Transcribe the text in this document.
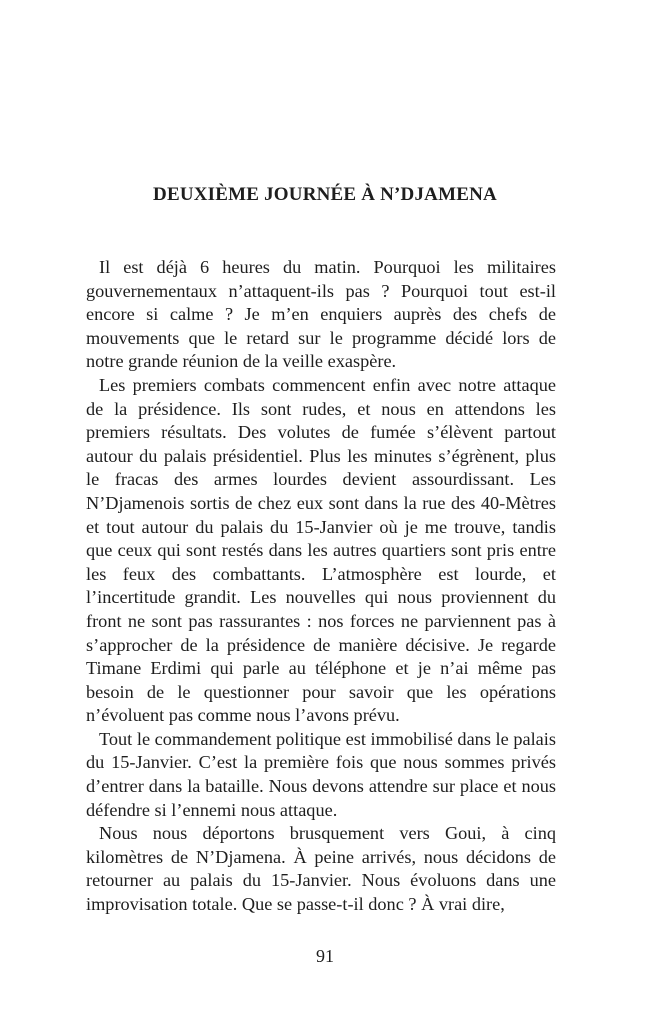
DEUXIÈME JOURNÉE À N’DJAMENA

Il est déjà 6 heures du matin. Pourquoi les militaires gouvernementaux n’attaquent-ils pas ? Pourquoi tout est-il encore si calme ? Je m’en enquiers auprès des chefs de mouvements que le retard sur le programme décidé lors de notre grande réunion de la veille exaspère.

Les premiers combats commencent enfin avec notre attaque de la présidence. Ils sont rudes, et nous en attendons les premiers résultats. Des volutes de fumée s’élèvent partout autour du palais présidentiel. Plus les minutes s’égrènent, plus le fracas des armes lourdes devient assourdissant. Les N’Djamenois sortis de chez eux sont dans la rue des 40-Mètres et tout autour du palais du 15-Janvier où je me trouve, tandis que ceux qui sont restés dans les autres quartiers sont pris entre les feux des combattants. L’atmosphère est lourde, et l’incertitude grandit. Les nouvelles qui nous proviennent du front ne sont pas rassurantes : nos forces ne parviennent pas à s’approcher de la présidence de manière décisive. Je regarde Timane Erdimi qui parle au téléphone et je n’ai même pas besoin de le questionner pour savoir que les opérations n’évoluent pas comme nous l’avons prévu.

Tout le commandement politique est immobilisé dans le palais du 15-Janvier. C’est la première fois que nous sommes privés d’entrer dans la bataille. Nous devons attendre sur place et nous défendre si l’ennemi nous attaque.

Nous nous déportons brusquement vers Goui, à cinq kilomètres de N’Djamena. À peine arrivés, nous décidons de retourner au palais du 15-Janvier. Nous évoluons dans une improvisation totale. Que se passe-t-il donc ? À vrai dire,

91
